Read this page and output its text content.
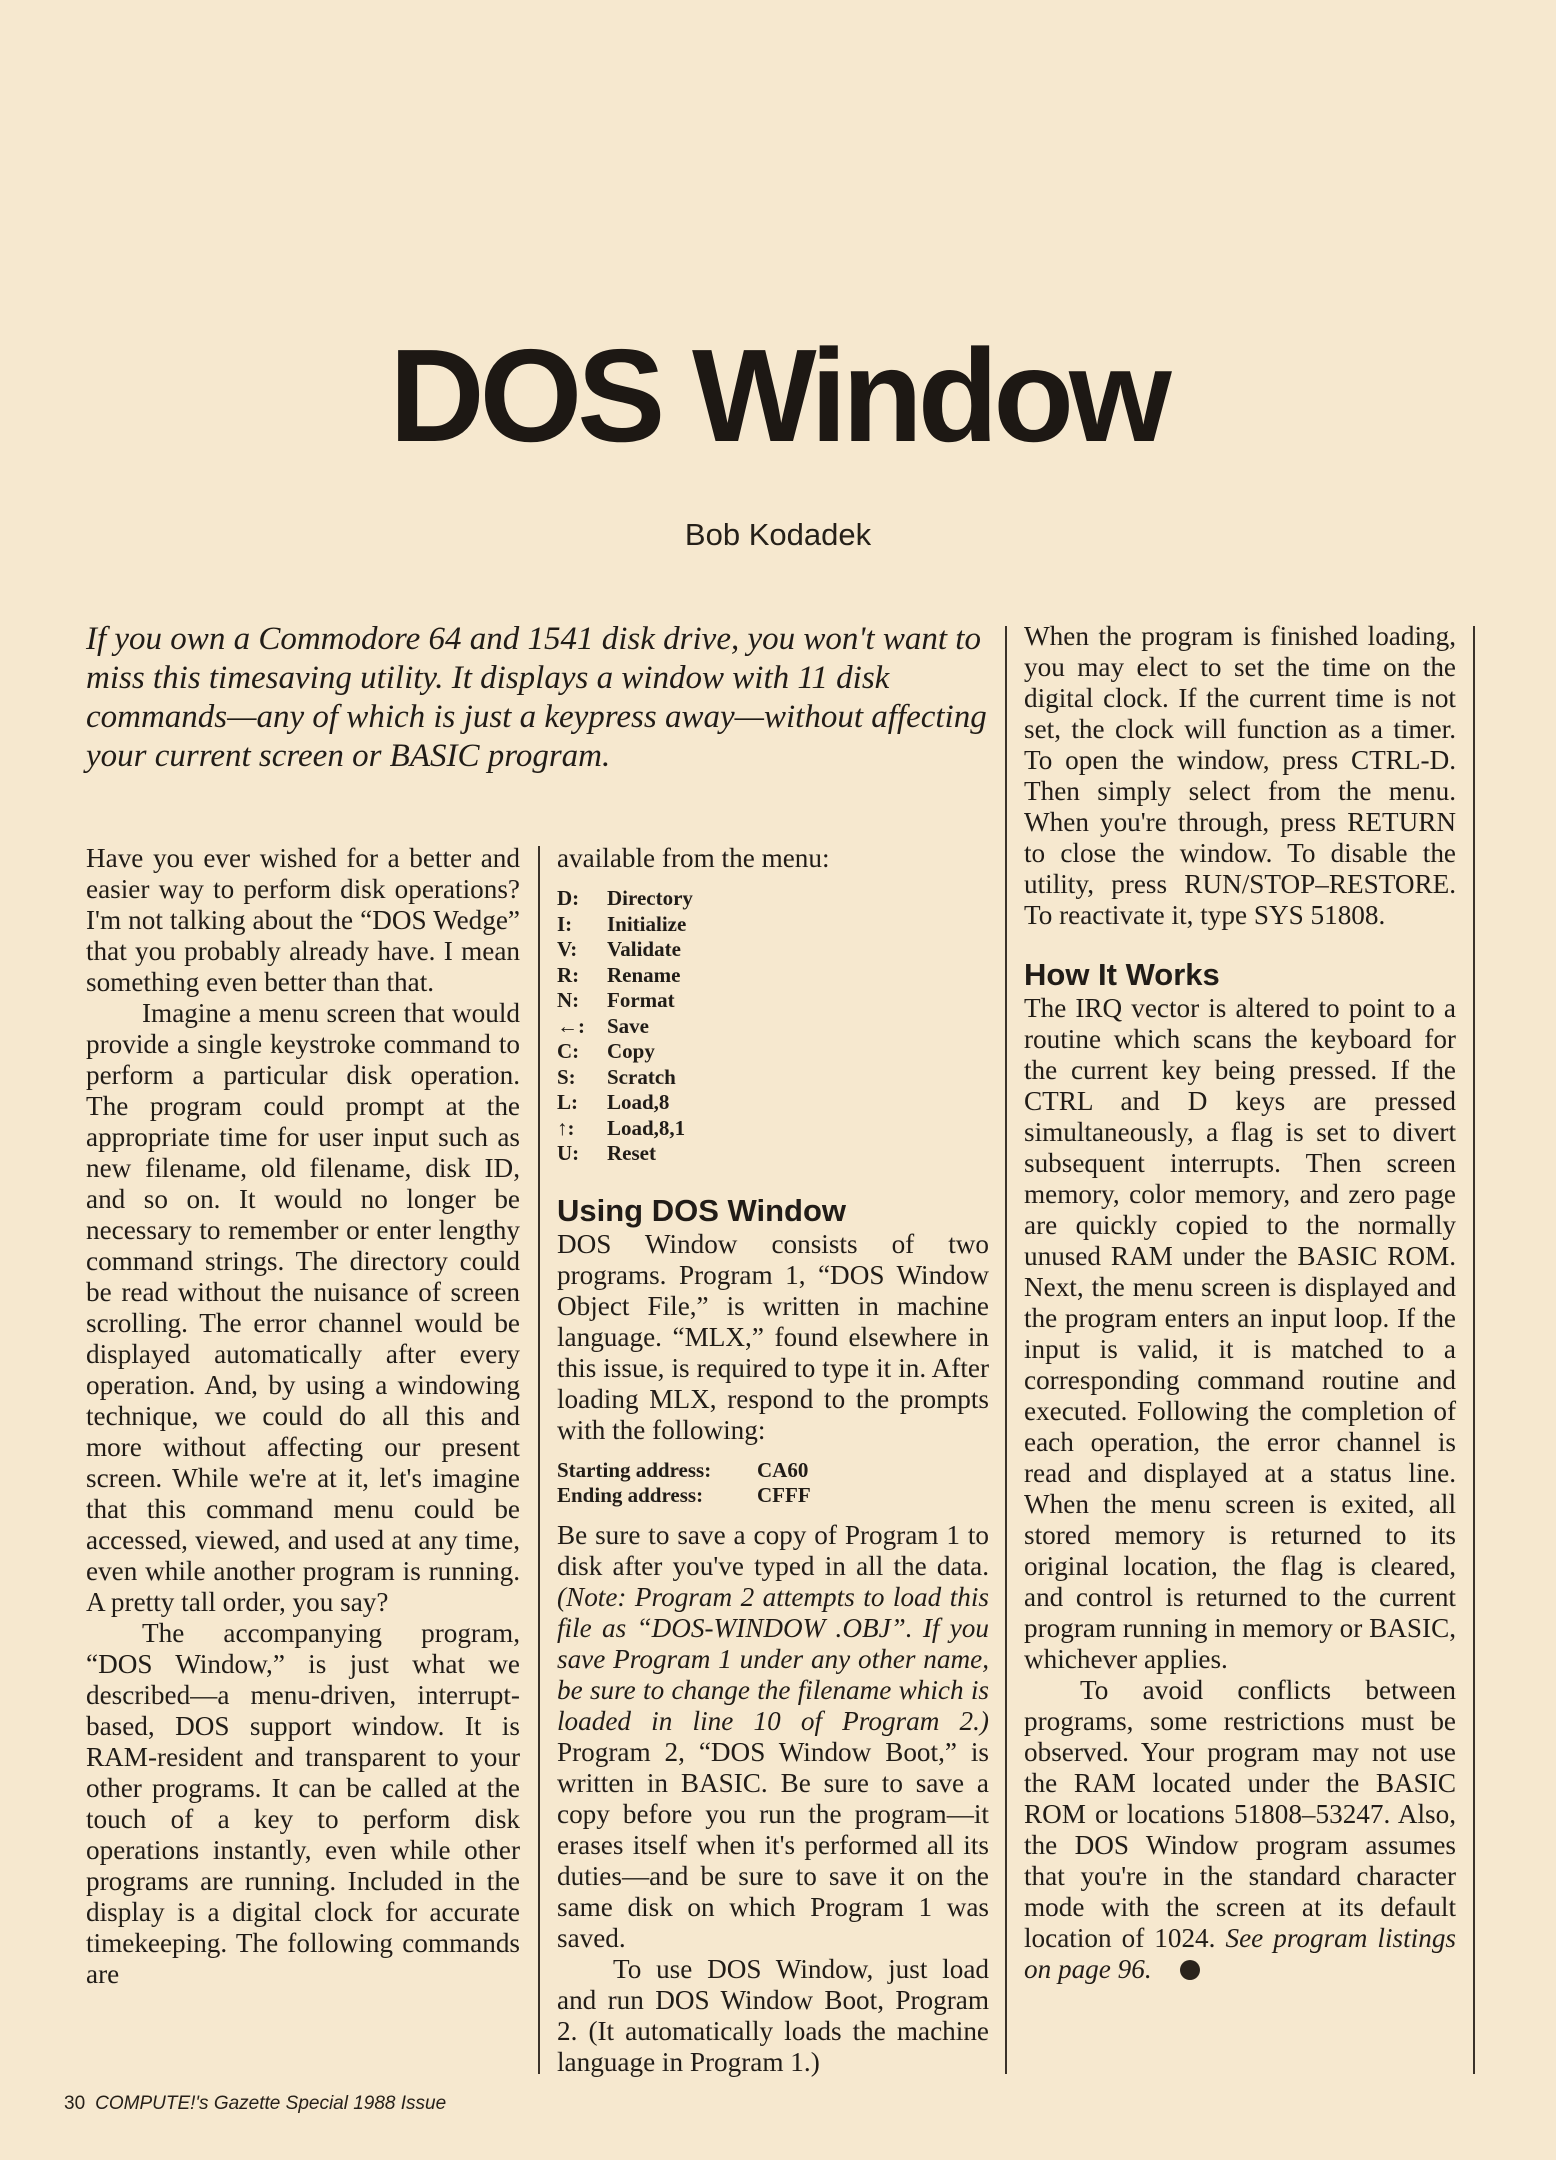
DOS Window
Bob Kodadek

If you own a Commodore 64 and 1541 disk drive, you won't want to miss this timesaving utility. It displays a window with 11 disk commands—any of which is just a keypress away—without affecting your current screen or BASIC program.

Have you ever wished for a better and easier way to perform disk operations? I'm not talking about the “DOS Wedge” that you probably already have. I mean something even better than that.

Imagine a menu screen that would provide a single keystroke command to perform a particular disk operation. The program could prompt at the appropriate time for user input such as new filename, old filename, disk ID, and so on. It would no longer be necessary to remember or enter lengthy command strings. The directory could be read without the nuisance of screen scrolling. The error channel would be displayed automatically after every operation. And, by using a windowing technique, we could do all this and more without affecting our present screen. While we're at it, let's imagine that this command menu could be accessed, viewed, and used at any time, even while another program is running. A pretty tall order, you say?

The accompanying program, “DOS Window,” is just what we described—a menu-driven, interrupt-based, DOS support window. It is RAM-resident and transparent to your other programs. It can be called at the touch of a key to perform disk operations instantly, even while other programs are running. Included in the display is a digital clock for accurate timekeeping. The following commands are

available from the menu:

D:	Directory
I:	Initialize
V:	Validate
R:	Rename
N:	Format
←:	Save
C:	Copy
S:	Scratch
L:	Load,8
↑:	Load,8,1
U:	Reset

Using DOS Window

DOS Window consists of two programs. Program 1, “DOS Window Object File,” is written in machine language. “MLX,” found elsewhere in this issue, is required to type it in. After loading MLX, respond to the prompts with the following:

Starting address:	CA60
Ending address:	CFFF

Be sure to save a copy of Program 1 to disk after you've typed in all the data. (Note: Program 2 attempts to load this file as “DOS-WINDOW .OBJ”. If you save Program 1 under any other name, be sure to change the filename which is loaded in line 10 of Program 2.) Program 2, “DOS Window Boot,” is written in BASIC. Be sure to save a copy before you run the program—it erases itself when it's performed all its duties—and be sure to save it on the same disk on which Program 1 was saved.

To use DOS Window, just load and run DOS Window Boot, Program 2. (It automatically loads the machine language in Program 1.)

When the program is finished loading, you may elect to set the time on the digital clock. If the current time is not set, the clock will function as a timer. To open the window, press CTRL-D. Then simply select from the menu. When you're through, press RETURN to close the window. To disable the utility, press RUN/STOP–RESTORE. To reactivate it, type SYS 51808.

How It Works

The IRQ vector is altered to point to a routine which scans the keyboard for the current key being pressed. If the CTRL and D keys are pressed simultaneously, a flag is set to divert subsequent interrupts. Then screen memory, color memory, and zero page are quickly copied to the normally unused RAM under the BASIC ROM. Next, the menu screen is displayed and the program enters an input loop. If the input is valid, it is matched to a corresponding command routine and executed. Following the completion of each operation, the error channel is read and displayed at a status line. When the menu screen is exited, all stored memory is returned to its original location, the flag is cleared, and control is returned to the current program running in memory or BASIC, whichever applies.

To avoid conflicts between programs, some restrictions must be observed. Your program may not use the RAM located under the BASIC ROM or locations 51808–53247. Also, the DOS Window program assumes that you're in the standard character mode with the screen at its default location of 1024. See program listings on page 96.

30 COMPUTE!'s Gazette Special 1988 Issue
